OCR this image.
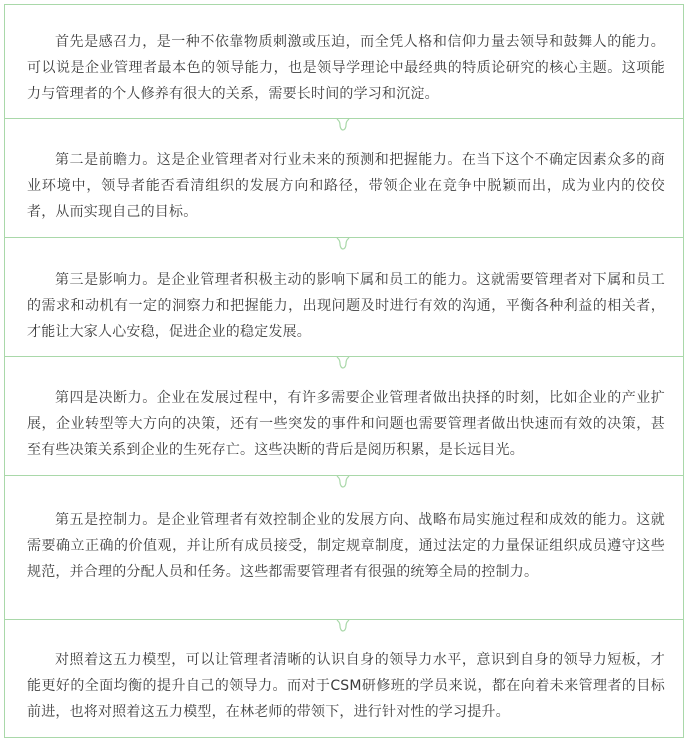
首先是感召力，是一种不依靠物质刺激或压迫，而全凭人格和信仰力量去领导和鼓舞人的能力。可以说是企业管理者最本色的领导能力，也是领导学理论中最经典的特质论研究的核心主题。这项能力与管理者的个人修养有很大的关系，需要长时间的学习和沉淀。

第二是前瞻力。这是企业管理者对行业未来的预测和把握能力。在当下这个不确定因素众多的商业环境中，领导者能否看清组织的发展方向和路径，带领企业在竞争中脱颖而出，成为业内的佼佼者，从而实现自己的目标。

第三是影响力。是企业管理者积极主动的影响下属和员工的能力。这就需要管理者对下属和员工的需求和动机有一定的洞察力和把握能力，出现问题及时进行有效的沟通，平衡各种利益的相关者，才能让大家人心安稳，促进企业的稳定发展。

第四是决断力。企业在发展过程中，有许多需要企业管理者做出抉择的时刻，比如企业的产业扩展，企业转型等大方向的决策，还有一些突发的事件和问题也需要管理者做出快速而有效的决策，甚至有些决策关系到企业的生死存亡。这些决断的背后是阅历积累，是长远目光。

第五是控制力。是企业管理者有效控制企业的发展方向、战略布局实施过程和成效的能力。这就需要确立正确的价值观，并让所有成员接受，制定规章制度，通过法定的力量保证组织成员遵守这些规范，并合理的分配人员和任务。这些都需要管理者有很强的统筹全局的控制力。

对照着这五力模型，可以让管理者清晰的认识自身的领导力水平，意识到自身的领导力短板，才能更好的全面均衡的提升自己的领导力。而对于CSM研修班的学员来说，都在向着未来管理者的目标前进，也将对照着这五力模型，在林老师的带领下，进行针对性的学习提升。
